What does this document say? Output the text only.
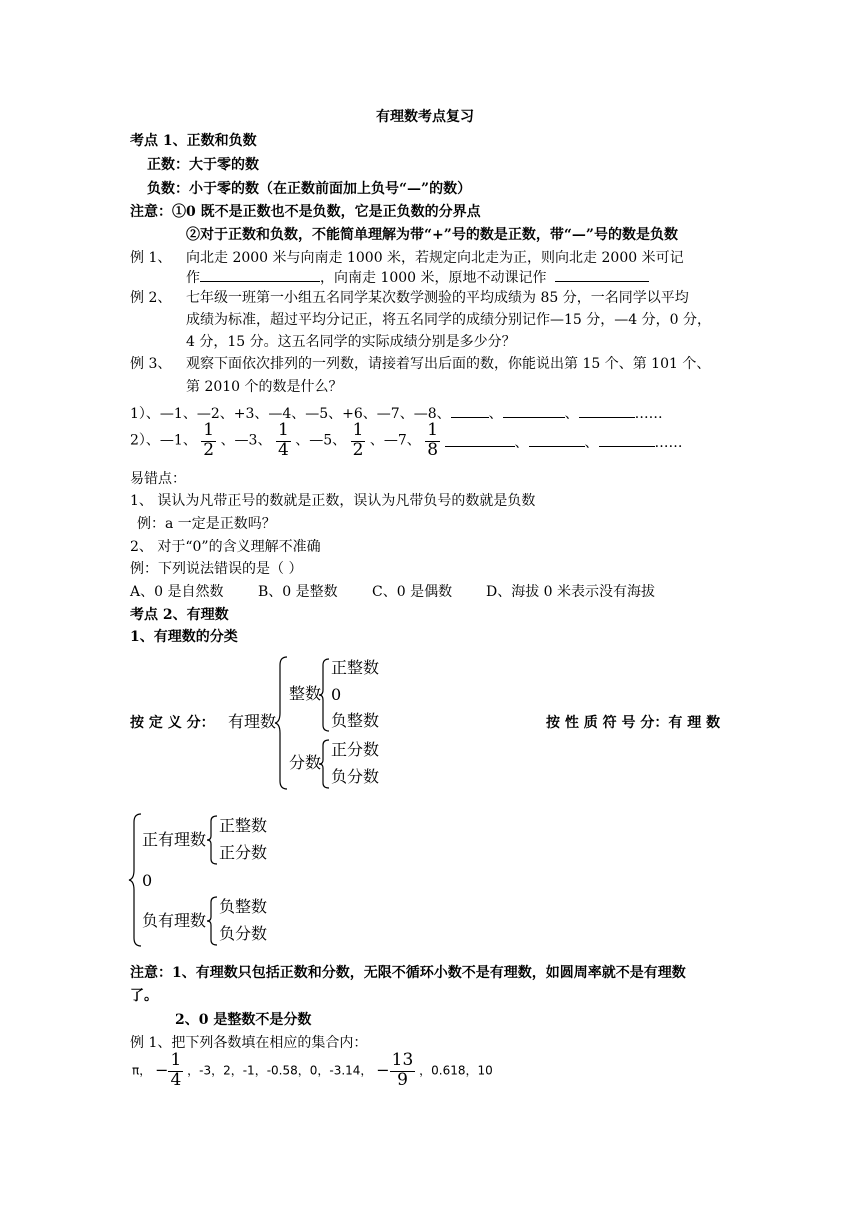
有理数考点复习
考点 1、正数和负数
正数：大于零的数
负数：小于零的数（在正数前面加上负号“—”的数）
注意：①0 既不是正数也不是负数，它是正负数的分界点
②对于正数和负数，不能简单理解为带“+”号的数是正数，带“—”号的数是负数
例 1、 向北走 2000 米与向南走 1000 米，若规定向北走为正，则向北走 2000 米可记
作	，向南走 1000 米，原地不动课记作
例 2、 七年级一班第一小组五名同学某次数学测验的平均成绩为 85 分，一名同学以平均
成绩为标准，超过平均分记正，将五名同学的成绩分别记作—15 分，—4 分，0 分，
4 分，15 分。这五名同学的实际成绩分别是多少分？
例 3、 观察下面依次排列的一列数，请接着写出后面的数，你能说出第 15 个、第 101 个、
第 2010 个的数是什么？
1）、—1、—2、+3、—4、—5、+6、—7、—8、	、	、	……
2）、—1、 $\frac{1}{2}$ 、—3、 $\frac{1}{4}$ 、—5、 $\frac{1}{2}$ 、—7、 $\frac{1}{8}$	、	、	……
易错点：
1、 误认为凡带正号的数就是正数，误认为凡带负号的数就是负数
例：a 一定是正数吗？
2、 对于“0”的含义理解不准确
例：下列说法错误的是（ ）
A、0 是自然数 B、0 是整数 C、0 是偶数 D、海拔 0 米表示没有海拔
考点 2、有理数
1、有理数的分类
按 定 义 分： 有理数
整数
正整数
0
负整数
分数
正分数
负分数
按 性 质 符 号 分：有 理 数
正有理数
正整数
正分数
0
负有理数
负整数
负分数
注意：1、有理数只包括正数和分数，无限不循环小数不是有理数，如圆周率就不是有理数
了。
2、0 是整数不是分数
例 1、把下列各数填在相应的集合内：
π， − $\frac{1}{4}$ ，-3，2，-1，-0.58，0，-3.14， − $\frac{13}{9}$ ，0.618，10
